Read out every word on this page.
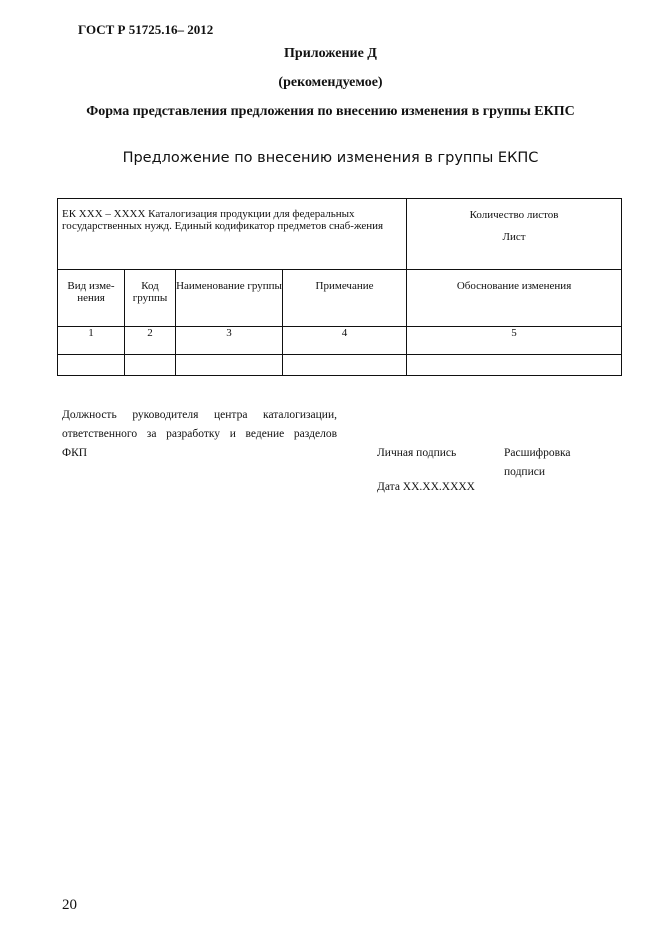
ГОСТ Р 51725.16– 2012
Приложение Д
(рекомендуемое)
Форма представления предложения по внесению изменения в группы ЕКПС
Предложение по внесению изменения в группы ЕКПС
ЕК XXX – XXXX Каталогизация продукции для федеральных государственных нужд. Единый кодификатор предметов снаб-жения				Количество листов
Лист

Вид изме-нения	Код группы	Наименование группы	Примечание	Обоснование изменения

1	2	3	4	5

Должность руководителя центра каталогизации,
ответственного за разработку и ведение разделов
ФКП	Личная подпись	Расшифровка
подписи
Дата XX.XX.XXXX
20
